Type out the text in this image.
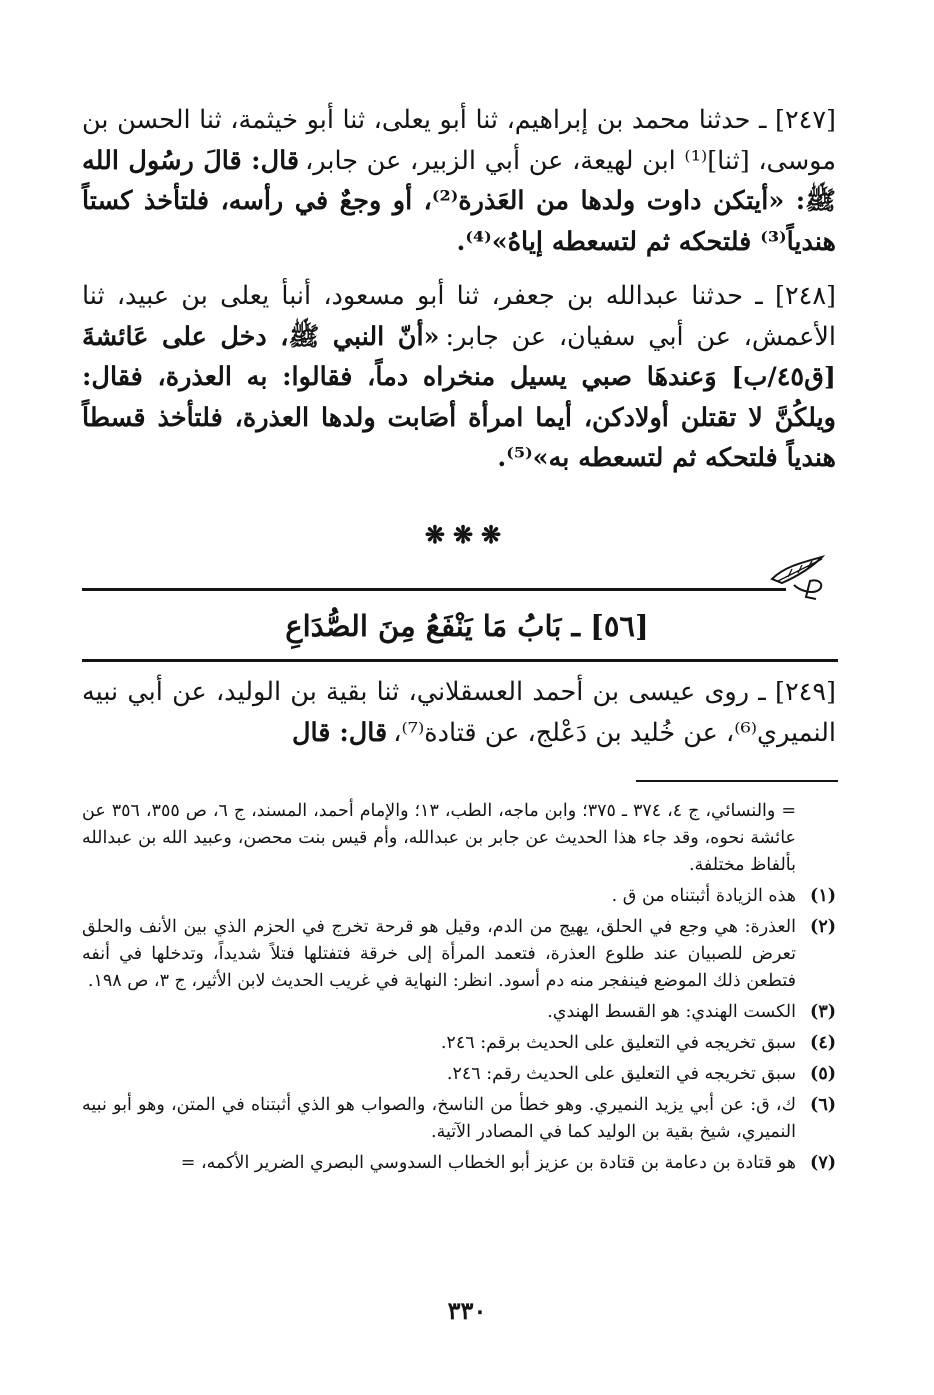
[٢٤٧] ـ حدثنا محمد بن إبراهيم، ثنا أبو يعلى، ثنا أبو خيثمة، ثنا الحسن بن موسى، [ثنا]⁽¹⁾ ابن لهيعة، عن أبي الزبير، عن جابر،قال: قالَ رسُول الله ﷺ: «أيتكن داوت ولدها من العَذرة⁽²⁾، أو وجعٌ في رأسه، فلتأخذ كستاً هندياً⁽³⁾ فلتحكه ثم لتسعطه إياهُ»⁽⁴⁾.

[٢٤٨] ـ حدثنا عبدالله بن جعفر، ثنا أبو مسعود، أنبأ يعلى بن عبيد، ثنا الأعمش، عن أبي سفيان، عن جابر:«أنّ النبي ﷺ، دخل على عَائشةَ [ق٤٥/ب] وَعندهَا صبي يسيل منخراه دماً، فقالوا: به العذرة، فقال: ويلكُنَّ لا تقتلن أولادكن، أيما امرأة أصَابت ولدها العذرة، فلتأخذ قسطاً هندياً فلتحكه ثم لتسعطه به»⁽⁵⁾.

❋❋❋
[٥٦] ـ بَابُ مَا يَنْفَعُ مِنَ الصُّدَاعِ

[٢٤٩] ـ روى عيسى بن أحمد العسقلاني، ثنا بقية بن الوليد، عن أبي نبيه النميري⁽⁶⁾، عن خُليد بن دَعْلج، عن قتادة⁽⁷⁾،قال: قال

= والنسائي، ج ٤، ٣٧٤ ـ ٣٧٥؛ وابن ماجه، الطب، ١٣؛ والإمام أحمد، المسند، ج ٦، ص ٣٥٥، ٣٥٦ عن عائشة نحوه، وقد جاء هذا الحديث عن جابر بن عبدالله، وأم قيس بنت محصن، وعبيد الله بن عبدالله بألفاظ مختلفة.
(١)
هذه الزيادة أثبتناه من ق .
(٢)
العذرة: هي وجع في الحلق، يهيج من الدم، وقيل هو قرحة تخرج في الحزم الذي بين الأنف والحلق تعرض للصبيان عند طلوع العذرة، فتعمد المرأة إلى خرقة فتفتلها فتلاً شديداً، وتدخلها في أنفه فتطعن ذلك الموضع فينفجر منه دم أسود. انظر: النهاية في غريب الحديث لابن الأثير، ج ٣، ص ١٩٨.
(٣)
الكست الهندي: هو القسط الهندي.
(٤)
سبق تخريجه في التعليق على الحديث برقم: ٢٤٦.
(٥)
سبق تخريجه في التعليق على الحديث رقم: ٢٤٦.
(٦)
ك، ق: عن أبي يزيد النميري. وهو خطأ من الناسخ، والصواب هو الذي أثبتناه في المتن، وهو أبو نبيه النميري، شيخ بقية بن الوليد كما في المصادر الآتية.
(٧)
هو قتادة بن دعامة بن قتادة بن عزيز أبو الخطاب السدوسي البصري الضرير الأكمه، =
٣٣٠
